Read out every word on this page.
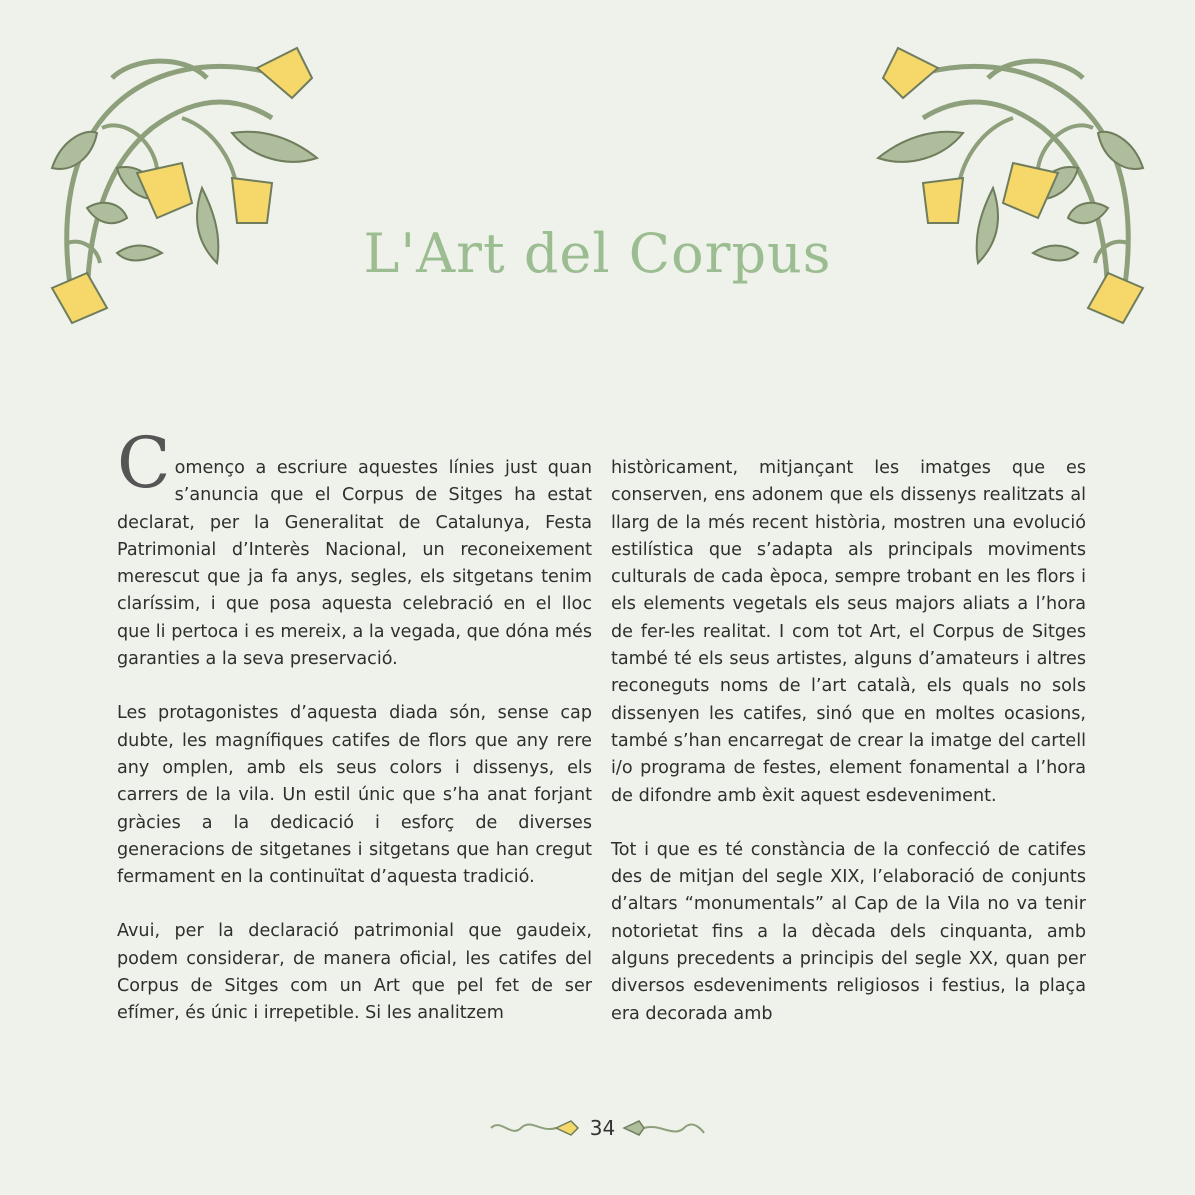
L'Art del Corpus

Començo a escriure aquestes línies just quan s’anuncia que el Corpus de Sitges ha estat declarat, per la Generalitat de Catalunya, Festa Patrimonial d’Interès Nacional, un reconeixement merescut que ja fa anys, segles, els sitgetans tenim claríssim, i que posa aquesta celebració en el lloc que li pertoca i es mereix, a la vegada, que dóna més garanties a la seva preservació.

Les protagonistes d’aquesta diada són, sense cap dubte, les magnífiques catifes de flors que any rere any omplen, amb els seus colors i dissenys, els carrers de la vila. Un estil únic que s’ha anat forjant gràcies a la dedicació i esforç de diverses generacions de sitgetanes i sitgetans que han cregut fermament en la continuïtat d’aquesta tradició.

Avui, per la declaració patrimonial que gaudeix, podem considerar, de manera oficial, les catifes del Corpus de Sitges com un Art que pel fet de ser efímer, és únic i irrepetible. Si les analitzem

històricament, mitjançant les imatges que es conserven, ens adonem que els dissenys realitzats al llarg de la més recent història, mostren una evolució estilística que s’adapta als principals moviments culturals de cada època, sempre trobant en les flors i els elements vegetals els seus majors aliats a l’hora de fer-les realitat. I com tot Art, el Corpus de Sitges també té els seus artistes, alguns d’amateurs i altres reconeguts noms de l’art català, els quals no sols dissenyen les catifes, sinó que en moltes ocasions, també s’han encarregat de crear la imatge del cartell i/o programa de festes, element fonamental a l’hora de difondre amb èxit aquest esdeveniment.

Tot i que es té constància de la confecció de catifes des de mitjan del segle XIX, l’elaboració de conjunts d’altars “monumentals” al Cap de la Vila no va tenir notorietat fins a la dècada dels cinquanta, amb alguns precedents a principis del segle XX, quan per diversos esdeveniments religiosos i festius, la plaça era decorada amb

34
